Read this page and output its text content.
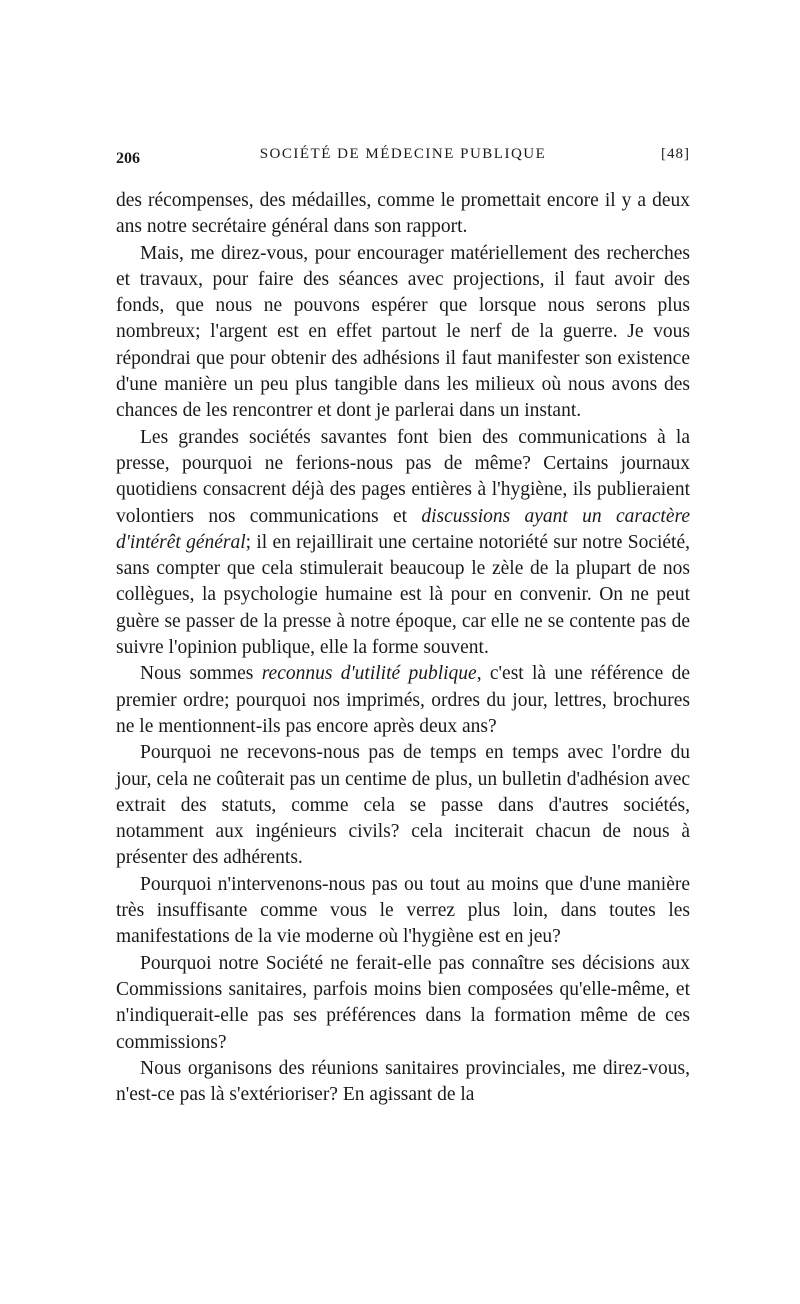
206	SOCIÉTÉ DE MÉDECINE PUBLIQUE	[48]

des récompenses, des médailles, comme le promettait encore il y a deux ans notre secrétaire général dans son rapport.

Mais, me direz-vous, pour encourager matériellement des recherches et travaux, pour faire des séances avec projections, il faut avoir des fonds, que nous ne pouvons espérer que lorsque nous serons plus nombreux; l'argent est en effet partout le nerf de la guerre. Je vous répondrai que pour obtenir des adhésions il faut manifester son existence d'une manière un peu plus tangible dans les milieux où nous avons des chances de les rencontrer et dont je parlerai dans un instant.

Les grandes sociétés savantes font bien des communications à la presse, pourquoi ne ferions-nous pas de même? Certains journaux quotidiens consacrent déjà des pages entières à l'hygiène, ils publieraient volontiers nos communications et discussions ayant un caractère d'intérêt général; il en rejaillirait une certaine notoriété sur notre Société, sans compter que cela stimulerait beaucoup le zèle de la plupart de nos collègues, la psychologie humaine est là pour en convenir. On ne peut guère se passer de la presse à notre époque, car elle ne se contente pas de suivre l'opinion publique, elle la forme souvent.

Nous sommes reconnus d'utilité publique, c'est là une référence de premier ordre; pourquoi nos imprimés, ordres du jour, lettres, brochures ne le mentionnent-ils pas encore après deux ans?

Pourquoi ne recevons-nous pas de temps en temps avec l'ordre du jour, cela ne coûterait pas un centime de plus, un bulletin d'adhésion avec extrait des statuts, comme cela se passe dans d'autres sociétés, notamment aux ingénieurs civils? cela inciterait chacun de nous à présenter des adhérents.

Pourquoi n'intervenons-nous pas ou tout au moins que d'une manière très insuffisante comme vous le verrez plus loin, dans toutes les manifestations de la vie moderne où l'hygiène est en jeu?

Pourquoi notre Société ne ferait-elle pas connaître ses décisions aux Commissions sanitaires, parfois moins bien composées qu'elle-même, et n'indiquerait-elle pas ses préférences dans la formation même de ces commissions?

Nous organisons des réunions sanitaires provinciales, me direz-vous, n'est-ce pas là s'extérioriser? En agissant de la
